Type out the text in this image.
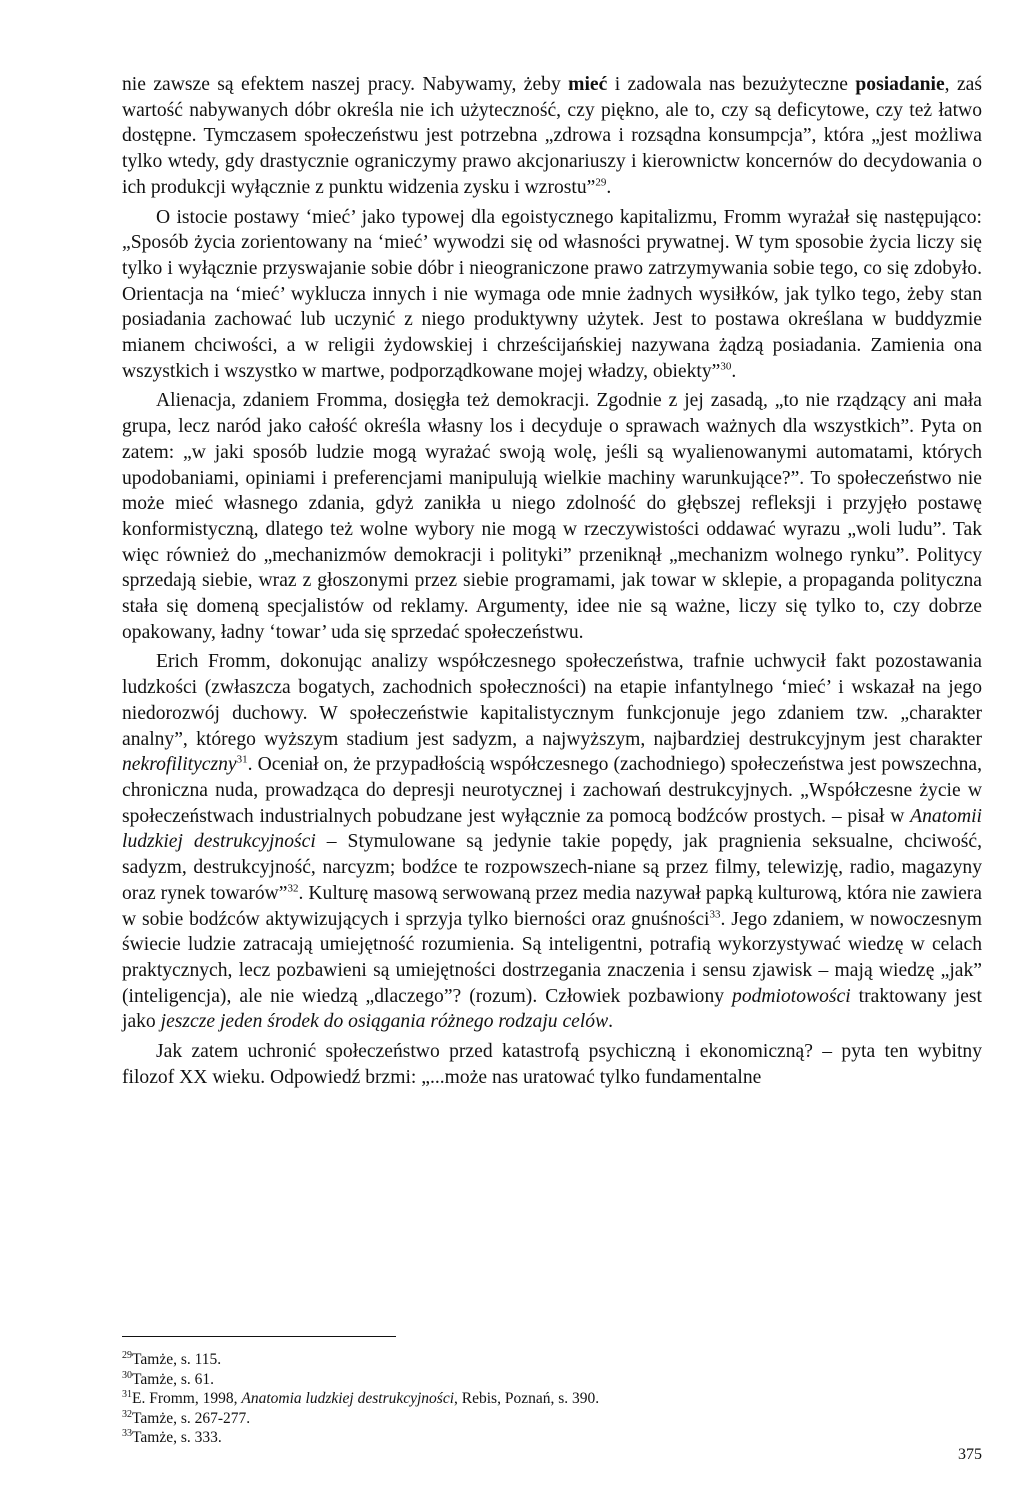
nie zawsze są efektem naszej pracy. Nabywamy, żeby mieć i zadowala nas bezużyteczne posiadanie, zaś wartość nabywanych dóbr określa nie ich użyteczność, czy piękno, ale to, czy są deficytowe, czy też łatwo dostępne. Tymczasem społeczeństwu jest potrzebna „zdrowa i rozsądna konsumpcja”, która „jest możliwa tylko wtedy, gdy drastycznie ograniczymy prawo akcjonariuszy i kierownictw koncernów do decydowania o ich produkcji wyłącznie z punktu widzenia zysku i wzrostu”$^{29}$.

O istocie postawy ‘mieć’ jako typowej dla egoistycznego kapitalizmu, Fromm wyrażał się następująco: „Sposób życia zorientowany na ‘mieć’ wywodzi się od własności prywatnej. W tym sposobie życia liczy się tylko i wyłącznie przyswajanie sobie dóbr i nieograniczone prawo zatrzymywania sobie tego, co się zdobyło. Orientacja na ‘mieć’ wyklucza innych i nie wymaga ode mnie żadnych wysiłków, jak tylko tego, żeby stan posiadania zachować lub uczynić z niego produktywny użytek. Jest to postawa określana w buddyzmie mianem chciwości, a w religii żydowskiej i chrześcijańskiej nazywana żądzą posiadania. Zamienia ona wszystkich i wszystko w martwe, podporządkowane mojej władzy, obiekty”$^{30}$.

Alienacja, zdaniem Fromma, dosięgła też demokracji. Zgodnie z jej zasadą, „to nie rządzący ani mała grupa, lecz naród jako całość określa własny los i decyduje o sprawach ważnych dla wszystkich”. Pyta on zatem: „w jaki sposób ludzie mogą wyrażać swoją wolę, jeśli są wyalienowanymi automatami, których upodobaniami, opiniami i preferencjami manipulują wielkie machiny warunkujące?”. To społeczeństwo nie może mieć własnego zdania, gdyż zanikła u niego zdolność do głębszej refleksji i przyjęło postawę konformistyczną, dlatego też wolne wybory nie mogą w rzeczywistości oddawać wyrazu „woli ludu”. Tak więc również do „mechanizmów demokracji i polityki” przeniknął „mechanizm wolnego rynku”. Politycy sprzedają siebie, wraz z głoszonymi przez siebie programami, jak towar w sklepie, a propaganda polityczna stała się domeną specjalistów od reklamy. Argumenty, idee nie są ważne, liczy się tylko to, czy dobrze opakowany, ładny ‘towar’ uda się sprzedać społeczeństwu.

Erich Fromm, dokonując analizy współczesnego społeczeństwa, trafnie uchwycił fakt pozostawania ludzkości (zwłaszcza bogatych, zachodnich społeczności) na etapie infantylnego ‘mieć’ i wskazał na jego niedorozwój duchowy. W społeczeństwie kapitalistycznym funkcjonuje jego zdaniem tzw. „charakter analny”, którego wyższym stadium jest sadyzm, a najwyższym, najbardziej destrukcyjnym jest charakter nekrofilityczny$^{31}$. Oceniał on, że przypadłością współczesnego (zachodniego) społeczeństwa jest powszechna, chroniczna nuda, prowadząca do depresji neurotycznej i zachowań destrukcyjnych. „Współczesne życie w społeczeństwach industrialnych pobudzane jest wyłącznie za pomocą bodźców prostych. – pisał w Anatomii ludzkiej destrukcyjności – Stymulowane są jedynie takie popędy, jak pragnienia seksualne, chciwość, sadyzm, destrukcyjność, narcyzm; bodźce te rozpowszech-niane są przez filmy, telewizję, radio, magazyny oraz rynek towarów”$^{32}$. Kulturę masową serwowaną przez media nazywał papką kulturową, która nie zawiera w sobie bodźców aktywizujących i sprzyja tylko bierności oraz gnuśności$^{33}$. Jego zdaniem, w nowoczesnym świecie ludzie zatracają umiejętność rozumienia. Są inteligentni, potrafią wykorzystywać wiedzę w celach praktycznych, lecz pozbawieni są umiejętności dostrzegania znaczenia i sensu zjawisk – mają wiedzę „jak” (inteligencja), ale nie wiedzą „dlaczego”? (rozum). Człowiek pozbawiony podmiotowości traktowany jest jako jeszcze jeden środek do osiągania różnego rodzaju celów.

Jak zatem uchronić społeczeństwo przed katastrofą psychiczną i ekonomiczną? – pyta ten wybitny filozof XX wieku. Odpowiedź brzmi: „...może nas uratować tylko fundamentalne

$^{29}$Tamże, s. 115.

$^{30}$Tamże, s. 61.

$^{31}$E. Fromm, 1998, Anatomia ludzkiej destrukcyjności, Rebis, Poznań, s. 390.

$^{32}$Tamże, s. 267-277.

$^{33}$Tamże, s. 333.

375
